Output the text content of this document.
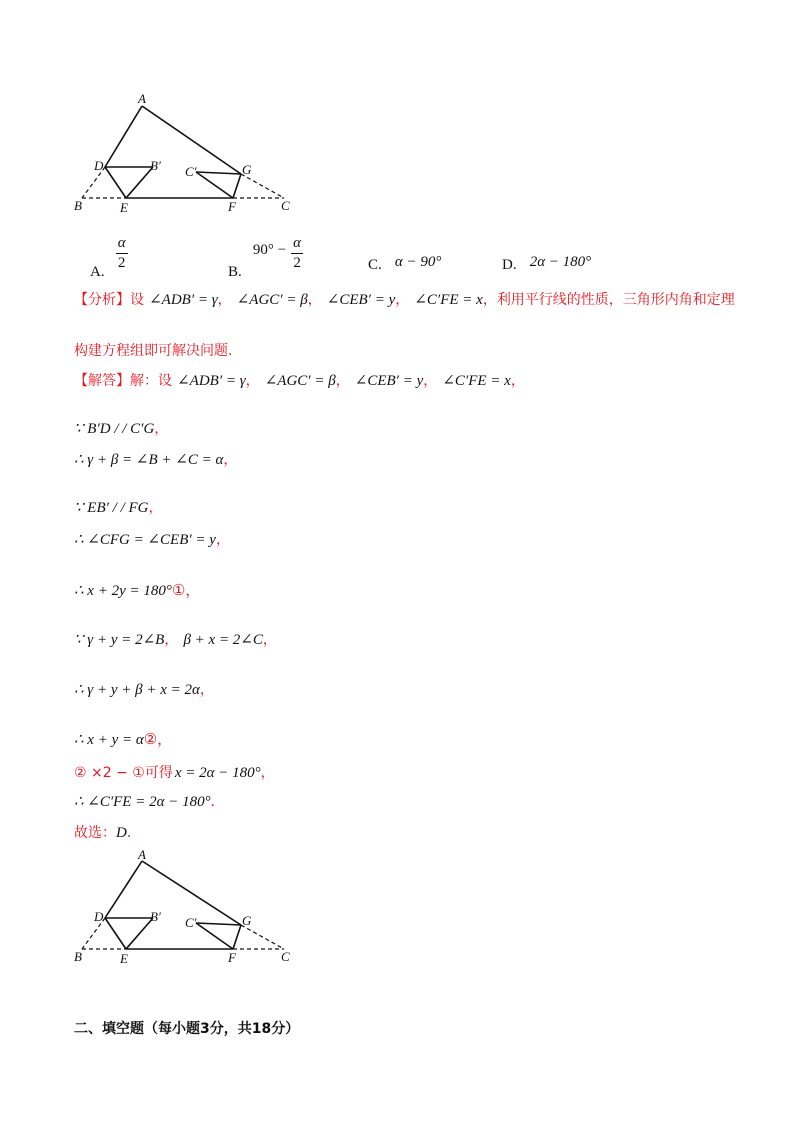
A
D	B′ C′	G
B	E	F	C
A.
$\frac{\alpha}{2}$
B. $90^\circ - \frac{\alpha}{2}$	C. α − 90°	D. 2α − 180°
【分析】设 ∠ADB′ = γ， ∠AGC′ = β， ∠CEB′ = y， ∠C′FE = x，利用平行线的性质，三角形内角和定理
构建方程组即可解决问题.
【解答】解：设 ∠ADB′ = γ， ∠AGC′ = β， ∠CEB′ = y， ∠C′FE = x，
∵ B′D / / C′G，
∴ γ + β = ∠B + ∠C = α，
∵ EB′ / / FG，
∴ ∠CFG = ∠CEB′ = y，
∴ x + 2y = 180°①，
∵ γ + y = 2∠B， β + x = 2∠C，
∴ γ + y + β + x = 2α，
∴ x + y = α②，
② ×2 − ①可得 x = 2α − 180°，
∴ ∠C′FE = 2α − 180°．
故选：D．
A
D	B′ C′	G
B	E	F	C
二、填空题（每小题3分，共18分）
